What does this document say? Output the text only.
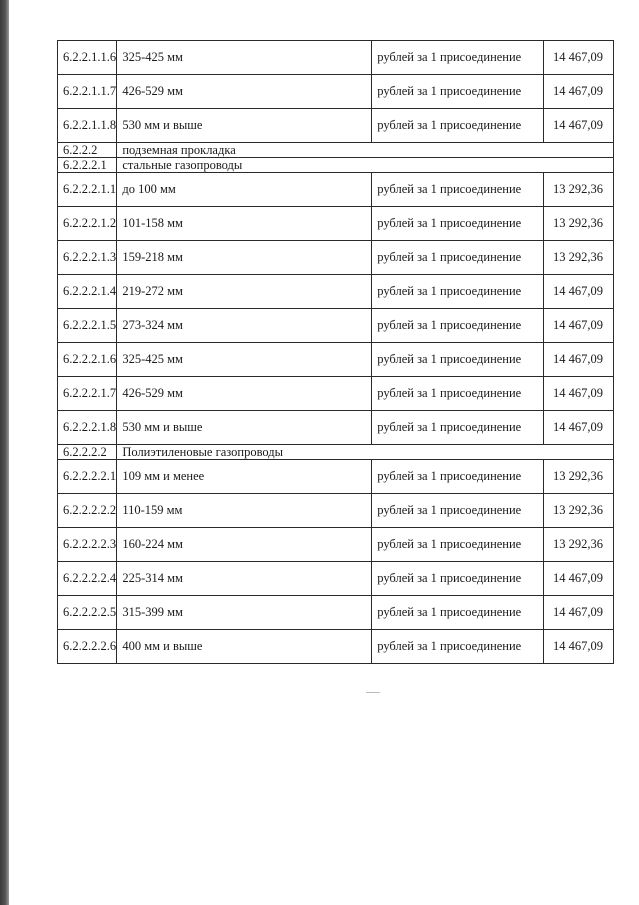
6.2.2.1.1.6	325-425 мм	рублей за 1 присоединение	14 467,09
6.2.2.1.1.7	426-529 мм	рублей за 1 присоединение	14 467,09
6.2.2.1.1.8	530 мм и выше	рублей за 1 присоединение	14 467,09
6.2.2.2	подземная прокладка		
6.2.2.2.1	стальные газопроводы		
6.2.2.2.1.1	до 100 мм	рублей за 1 присоединение	13 292,36
6.2.2.2.1.2	101-158 мм	рублей за 1 присоединение	13 292,36
6.2.2.2.1.3	159-218 мм	рублей за 1 присоединение	13 292,36
6.2.2.2.1.4	219-272 мм	рублей за 1 присоединение	14 467,09
6.2.2.2.1.5	273-324 мм	рублей за 1 присоединение	14 467,09
6.2.2.2.1.6	325-425 мм	рублей за 1 присоединение	14 467,09
6.2.2.2.1.7	426-529 мм	рублей за 1 присоединение	14 467,09
6.2.2.2.1.8	530 мм и выше	рублей за 1 присоединение	14 467,09
6.2.2.2.2	Полиэтиленовые газопроводы		
6.2.2.2.2.1	109 мм и менее	рублей за 1 присоединение	13 292,36
6.2.2.2.2.2	110-159 мм	рублей за 1 присоединение	13 292,36
6.2.2.2.2.3	160-224 мм	рублей за 1 присоединение	13 292,36
6.2.2.2.2.4	225-314 мм	рублей за 1 присоединение	14 467,09
6.2.2.2.2.5	315-399 мм	рублей за 1 присоединение	14 467,09
6.2.2.2.2.6	400 мм и выше	рублей за 1 присоединение	14 467,09
